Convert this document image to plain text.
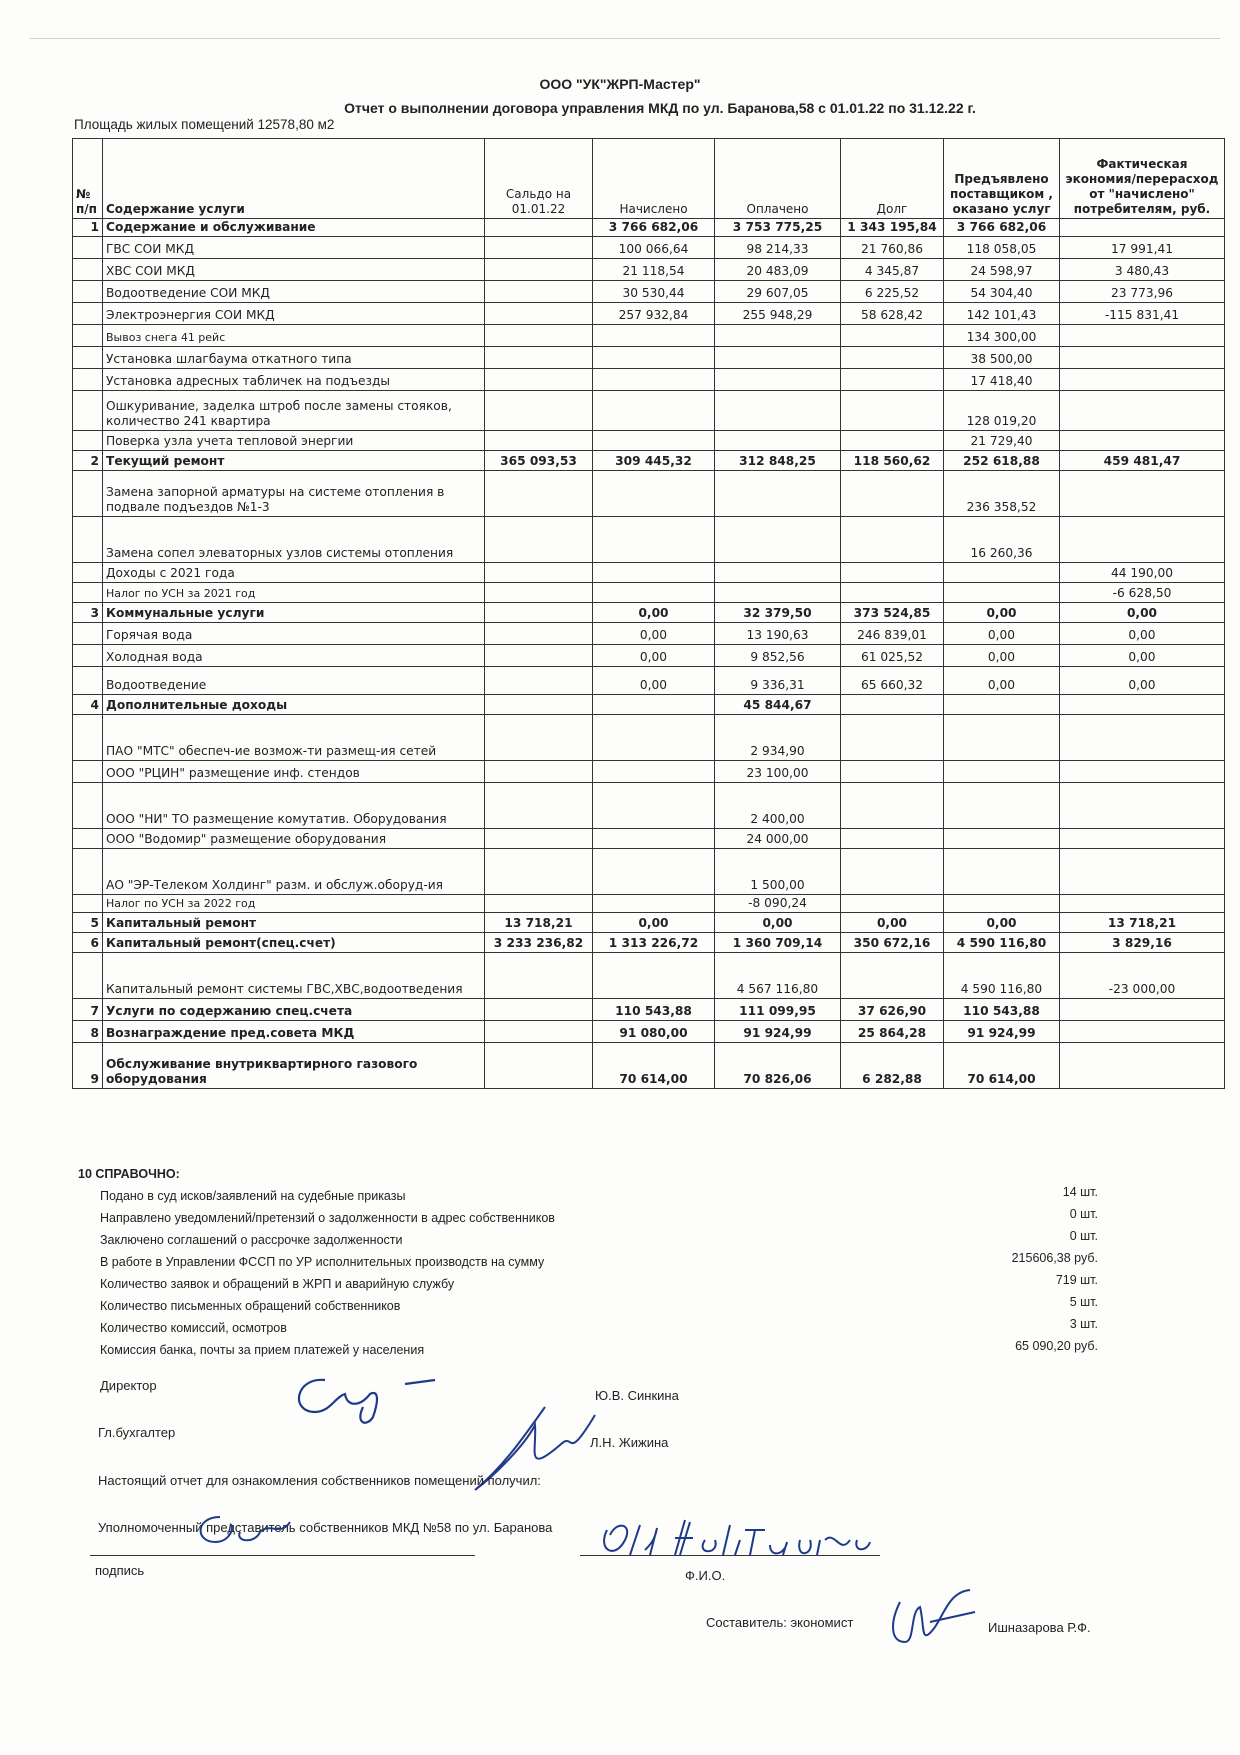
ООО "УК"ЖРП-Мастер"
Отчет о выполнении договора управления МКД по ул. Баранова,58 с 01.01.22 по 31.12.22 г.
Площадь жилых помещений 12578,80 м2
№ п/п	Содержание услуги	Сальдо на 01.01.22	Начислено	Оплачено	Долг	Предъявлено поставщиком , оказано услуг	Фактическая экономия/перерасход от "начислено" потребителям, руб.
1	Содержание и обслуживание		3 766 682,06	3 753 775,25	1 343 195,84	3 766 682,06	
	ГВС СОИ МКД		100 066,64	98 214,33	21 760,86	118 058,05	17 991,41
	ХВС СОИ МКД		21 118,54	20 483,09	4 345,87	24 598,97	3 480,43
	Водоотведение СОИ МКД		30 530,44	29 607,05	6 225,52	54 304,40	23 773,96
	Электроэнергия СОИ МКД		257 932,84	255 948,29	58 628,42	142 101,43	-115 831,41
	Вывоз снега 41 рейс					134 300,00	
	Установка шлагбаума откатного типа					38 500,00	
	Установка адресных табличек на подъезды					17 418,40	
	Ошкуривание, заделка штроб после замены стояков, количество 241 квартира					128 019,20	
	Поверка узла учета тепловой энергии					21 729,40	
2	Текущий ремонт	365 093,53	309 445,32	312 848,25	118 560,62	252 618,88	459 481,47
	Замена запорной арматуры на системе отопления в подвале подъездов №1-3					236 358,52	
	Замена сопел элеваторных узлов системы отопления					16 260,36	
	Доходы с 2021 года						44 190,00
	Налог по УСН за 2021 год						-6 628,50
3	Коммунальные услуги		0,00	32 379,50	373 524,85	0,00	0,00
	Горячая вода		0,00	13 190,63	246 839,01	0,00	0,00
	Холодная вода		0,00	9 852,56	61 025,52	0,00	0,00
	Водоотведение		0,00	9 336,31	65 660,32	0,00	0,00
4	Дополнительные доходы			45 844,67			
	ПАО "МТС" обеспеч-ие возмож-ти размещ-ия сетей			2 934,90			
	ООО "РЦИН" размещение инф. стендов			23 100,00			
	ООО "НИ" ТО размещение комутатив. Оборудования			2 400,00			
	ООО "Водомир" размещение оборудования			24 000,00			
	АО "ЭР-Телеком Холдинг" разм. и обслуж.оборуд-ия			1 500,00			
	Налог по УСН за 2022 год			-8 090,24			
5	Капитальный ремонт	13 718,21	0,00	0,00	0,00	0,00	13 718,21
6	Капитальный ремонт(спец.счет)	3 233 236,82	1 313 226,72	1 360 709,14	350 672,16	4 590 116,80	3 829,16
	Капитальный ремонт системы ГВС,ХВС,водоотведения			4 567 116,80		4 590 116,80	-23 000,00
7	Услуги по содержанию спец.счета		110 543,88	111 099,95	37 626,90	110 543,88	
8	Вознаграждение пред.совета МКД		91 080,00	91 924,99	25 864,28	91 924,99	
9	Обслуживание внутриквартирного газового оборудования		70 614,00	70 826,06	6 282,88	70 614,00	
10 СПРАВОЧНО:
Подано в суд исков/заявлений на судебные приказы	14 шт.
Направлено уведомлений/претензий о задолженности в адрес собственников	0 шт.
Заключено соглашений о рассрочке задолженности	0 шт.
В работе в Управлении ФССП по УР исполнительных производств на сумму	215606,38 руб.
Количество заявок и обращений в ЖРП и аварийную службу	719 шт.
Количество письменных обращений собственников	5 шт.
Количество комиссий, осмотров	3 шт.
Комиссия банка, почты за прием платежей у населения	65 090,20 руб.
Директор
Ю.В. Синкина
Гл.бухгалтер
Л.Н. Жижина
Настоящий отчет для ознакомления собственников помещений получил:
Уполномоченный представитель собственников МКД №58 по ул. Баранова
подпись	Ф.И.О.
Составитель: экономист	Ишназарова Р.Ф.
